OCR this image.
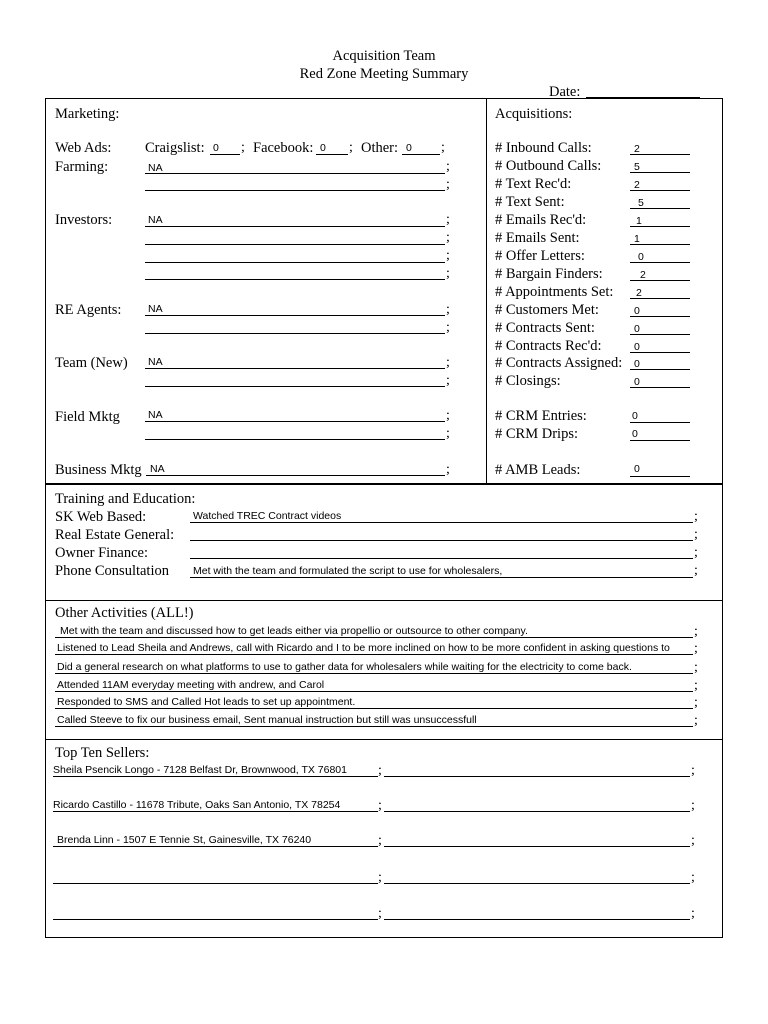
Acquisition Team
Red Zone Meeting Summary
Date:
Marketing:
Web Ads: Craigslist: 0 ; Facebook: 0 ; Other: 0 ;
Farming:	NA	;
;
Investors:	NA	;
;
;
;
RE Agents:	NA	;
;
Team (New) NA	;
;
Field Mktg	NA	;
;
Business Mktg NA	;
Acquisitions:
# Inbound Calls:	2
# Outbound Calls:	5
# Text Rec'd:	2
# Text Sent:	5
# Emails Rec'd:	1
# Emails Sent:	1
# Offer Letters:	0
# Bargain Finders:	2
# Appointments Set: 2
# Customers Met:	0
# Contracts Sent:	0
# Contracts Rec'd:	0
# Contracts Assigned: 0
# Closings:	0
# CRM Entries:	0
# CRM Drips:	0
# AMB Leads:	0
Training and Education:
SK Web Based:	Watched TREC Contract videos	;
Real Estate General:	;
Owner Finance:	;
Phone Consultation Met with the team and formulated the script to use for wholesalers,	;
Other Activities (ALL!)
Met with the team and discussed how to get leads either via propellio or outsource to other company.	;
Listened to Lead Sheila and Andrews, call with Ricardo and I to be more inclined on how to be more confident in asking questions to ;
Did a general research on what platforms to use to gather data for wholesalers while waiting for the electricity to come back.	;
Attended 11AM everyday meeting with andrew, and Carol	;
Responded to SMS and Called Hot leads to set up appointment.	;
Called Steeve to fix our business email, Sent manual instruction but still was unsuccessfull	;
Top Ten Sellers:
Sheila Psencik Longo - 7128 Belfast Dr, Brownwood, TX 76801 ;	;
Ricardo Castillo - 11678 Tribute, Oaks San Antonio, TX 78254	;	;
Brenda Linn - 1507 E Tennie St, Gainesville, TX 76240	;	;
;	;
;	;
